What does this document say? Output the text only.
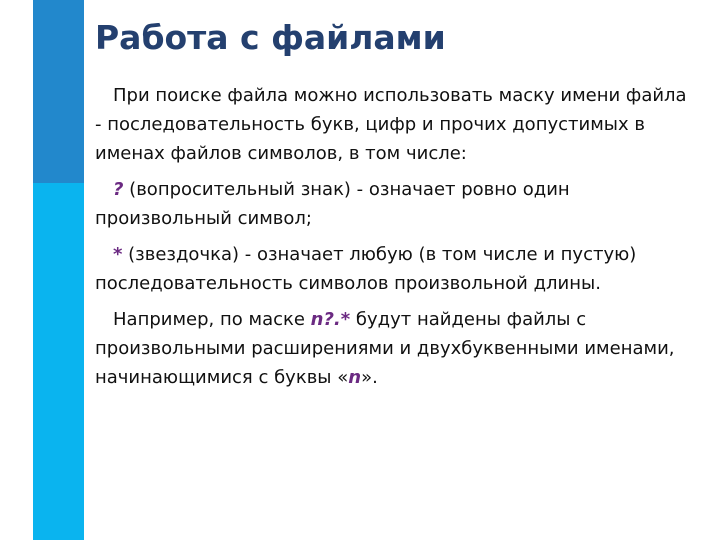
Работа с файлами

При поиске файла можно использовать маску имени файла - последовательность букв, цифр и прочих допустимых в именах файлов символов, в том числе:

? (вопросительный знак) - означает ровно один произвольный символ;

* (звездочка) - означает любую (в том числе и пустую) последовательность символов произвольной длины.

Например, по маске n?.* будут найдены файлы с произвольными расширениями и двухбуквенными именами, начинающимися с буквы «n».
